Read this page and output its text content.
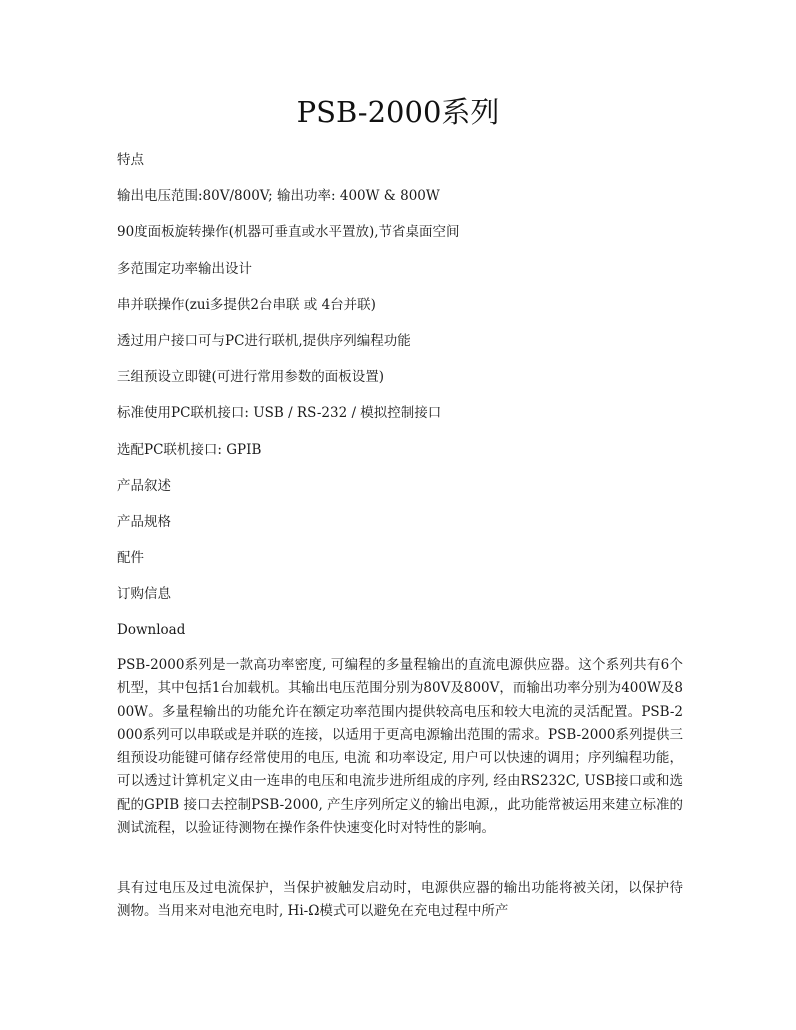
PSB-2000系列
特点
输出电压范围:80V/800V; 输出功率: 400W & 800W
90度面板旋转操作(机器可垂直或水平置放),节省桌面空间
多范围定功率输出设计
串并联操作(zui多提供2台串联 或 4台并联)
透过用户接口可与PC进行联机,提供序列编程功能
三组预设立即键(可进行常用参数的面板设置)
标准使用PC联机接口: USB / RS-232 / 模拟控制接口
选配PC联机接口: GPIB
产品叙述
产品规格
配件
订购信息
Download

PSB-2000系列是一款高功率密度, 可编程的多量程输出的直流电源供应器。这个系列共有6个机型，其中包括1台加载机。其输出电压范围分别为80V及800V，而输出功率分别为400W及800W。多量程输出的功能允许在额定功率范围内提供较高电压和较大电流的灵活配置。PSB-2000系列可以串联或是并联的连接，以适用于更高电源输出范围的需求。PSB-2000系列提供三组预设功能键可储存经常使用的电压, 电流 和功率设定, 用户可以快速的调用；序列编程功能，可以透过计算机定义由一连串的电压和电流步进所组成的序列, 经由RS232C, USB接口或和选配的GPIB 接口去控制PSB-2000, 产生序列所定义的输出电源,，此功能常被运用来建立标准的测试流程，以验证待测物在操作条件快速变化时对特性的影响。

具有过电压及过电流保护，当保护被触发启动时，电源供应器的输出功能将被关闭，以保护待测物。当用来对电池充电时, Hi-Ω模式可以避免在充电过程中所产
